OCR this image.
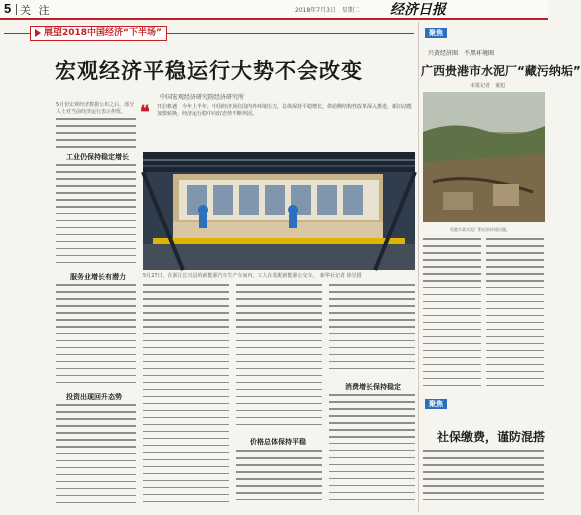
5 关 注	2018年7月3日　星期二 经济日报
展望2018中国经济“下半场”
宏观经济平稳运行大势不会改变
中国宏观经济研究院经济研究所
❝ 开启机遇　今年上半年，中国经济顶住国内外环境压力，总体保持平稳增长，供给侧结构性改革深入推进，新旧动能加快转换，经济运行稳中向好态势不断巩固。
5月份宏观经济数据公布之后，部分人士对当前经济运行表示担忧。
工业仍保持稳定增长
服务业增长有潜力
投资出现回升态势
5月27日，在浙江长兴县的新能源汽车生产车间内，工人在装配新能源公交车。　新华社记者 徐昱摄
价格总体保持平稳
消费增长保持稳定
聚焦
兴黄经济圈　不黑环境圈
广西贵港市水泥厂“藏污纳垢”
本报记者　童旭
贵港市某水泥厂附近的环境问题。
聚焦
社保缴费，谨防混搭
